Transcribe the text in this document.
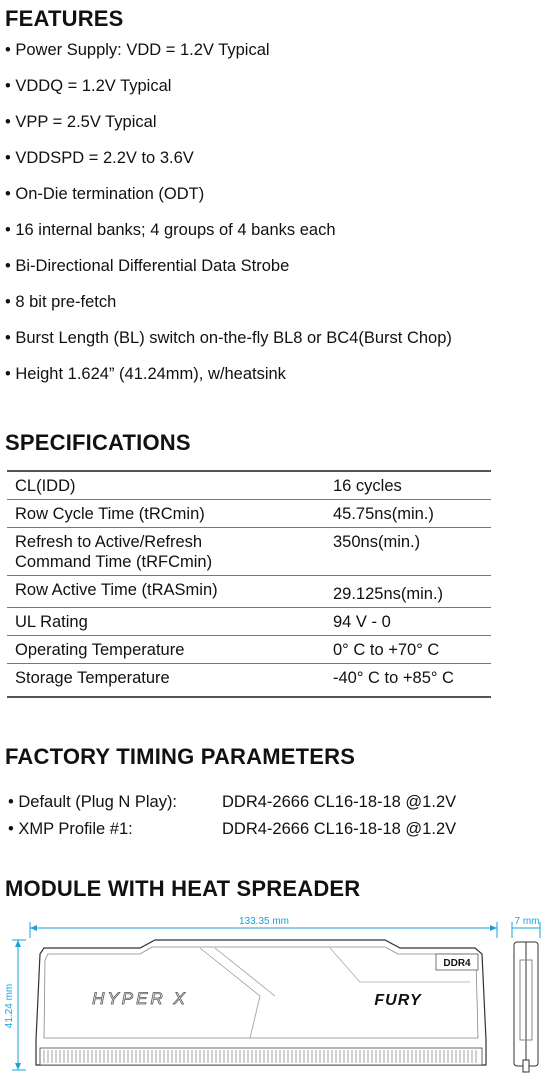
FEATURES
• Power Supply: VDD = 1.2V Typical
• VDDQ = 1.2V Typical
• VPP = 2.5V Typical
• VDDSPD = 2.2V to 3.6V
• On-Die termination (ODT)
• 16 internal banks; 4 groups of 4 banks each
• Bi-Directional Differential Data Strobe
• 8 bit pre-fetch
• Burst Length (BL) switch on-the-fly BL8 or BC4(Burst Chop)
• Height 1.624” (41.24mm), w/heatsink
SPECIFICATIONS
CL(IDD)	16 cycles
Row Cycle Time (tRCmin)	45.75ns(min.)
Refresh to Active/Refresh Command Time (tRFCmin)	350ns(min.)
Row Active Time (tRASmin)	29.125ns(min.)
UL Rating	94 V - 0
Operating Temperature	0° C to +70° C
Storage Temperature	-40° C to +85° C
FACTORY TIMING PARAMETERS
• Default (Plug N Play):	DDR4-2666 CL16-18-18 @1.2V
• XMP Profile #1:	DDR4-2666 CL16-18-18 @1.2V
MODULE WITH HEAT SPREADER
133.35 mm	7 mm
41.24 mm
DDR4
HYPER X	FURY
